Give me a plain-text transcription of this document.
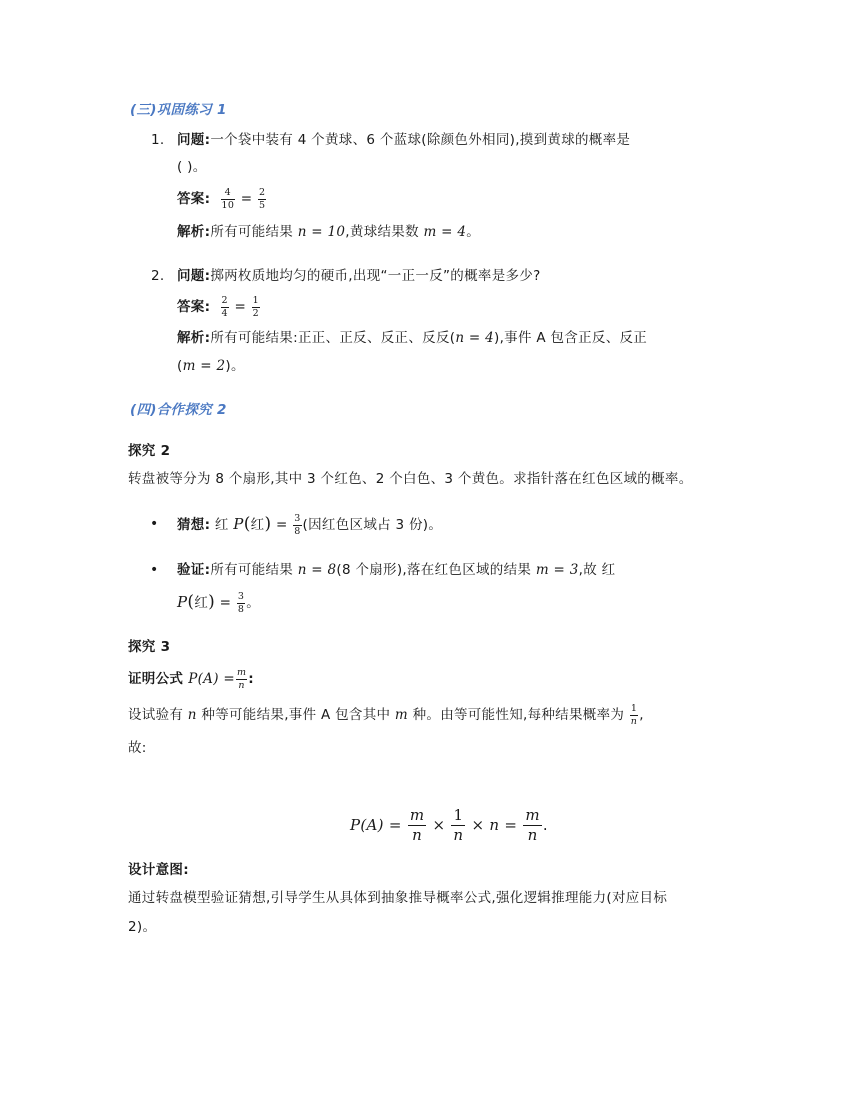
(三)巩固练习 1
1. 问题:一个袋中装有 4 个黄球、6 个蓝球(除颜色外相同),摸到黄球的概率是
( )。
答案: $\frac{4}{10} = \frac{2}{5}$
解析:所有可能结果 n = 10,黄球结果数 m = 4。
2. 问题:掷两枚质地均匀的硬币,出现“一正一反”的概率是多少?
答案: $\frac{2}{4} = \frac{1}{2}$
解析:所有可能结果:正正、正反、反正、反反(n = 4),事件 A 包含正反、反正
(m = 2)。
(四)合作探究 2
探究 2
转盘被等分为 8 个扇形,其中 3 个红色、2 个白色、3 个黄色。求指针落在红色区域的概率。
• 猜想: 红 P(红) = $\frac{3}{8}$ (因红色区域占 3 份)。
• 验证:所有可能结果 n = 8(8 个扇形),落在红色区域的结果 m = 3,故 红
P(红) = $\frac{3}{8}$ 。
探究 3
证明公式 $P(A) = \frac{m}{n}$ :
设试验有 n 种等可能结果,事件 A 包含其中 m 种。由等可能性知,每种结果概率为 $\frac{1}{n}$ ,
故:
$P(A) = \frac{m}{n} \times \frac{1}{n} \times n = \frac{m}{n}$ .
设计意图:
通过转盘模型验证猜想,引导学生从具体到抽象推导概率公式,强化逻辑推理能力(对应目标
2)。
